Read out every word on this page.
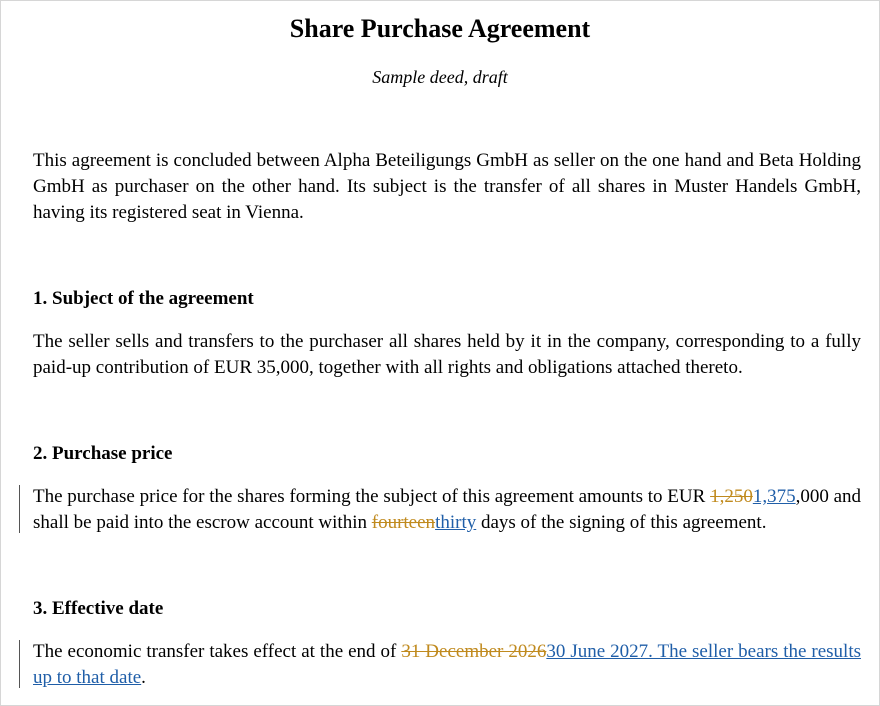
Share Purchase Agreement
Sample deed, draft

This agreement is concluded between Alpha Beteiligungs GmbH as seller on the one hand and Beta Holding GmbH as purchaser on the other hand. Its subject is the transfer of all shares in Muster Handels GmbH, having its registered seat in Vienna.

1. Subject of the agreement

The seller sells and transfers to the purchaser all shares held by it in the company, corresponding to a fully paid-up contribution of EUR 35,000, together with all rights and obligations attached thereto.

2. Purchase price

The purchase price for the shares forming the subject of this agreement amounts to EUR 1,2501,375,000 and shall be paid into the escrow account within fourteenthirty days of the signing of this agreement.

3. Effective date

The economic transfer takes effect at the end of 31 December 202630 June 2027. The seller bears the results up to that date.
